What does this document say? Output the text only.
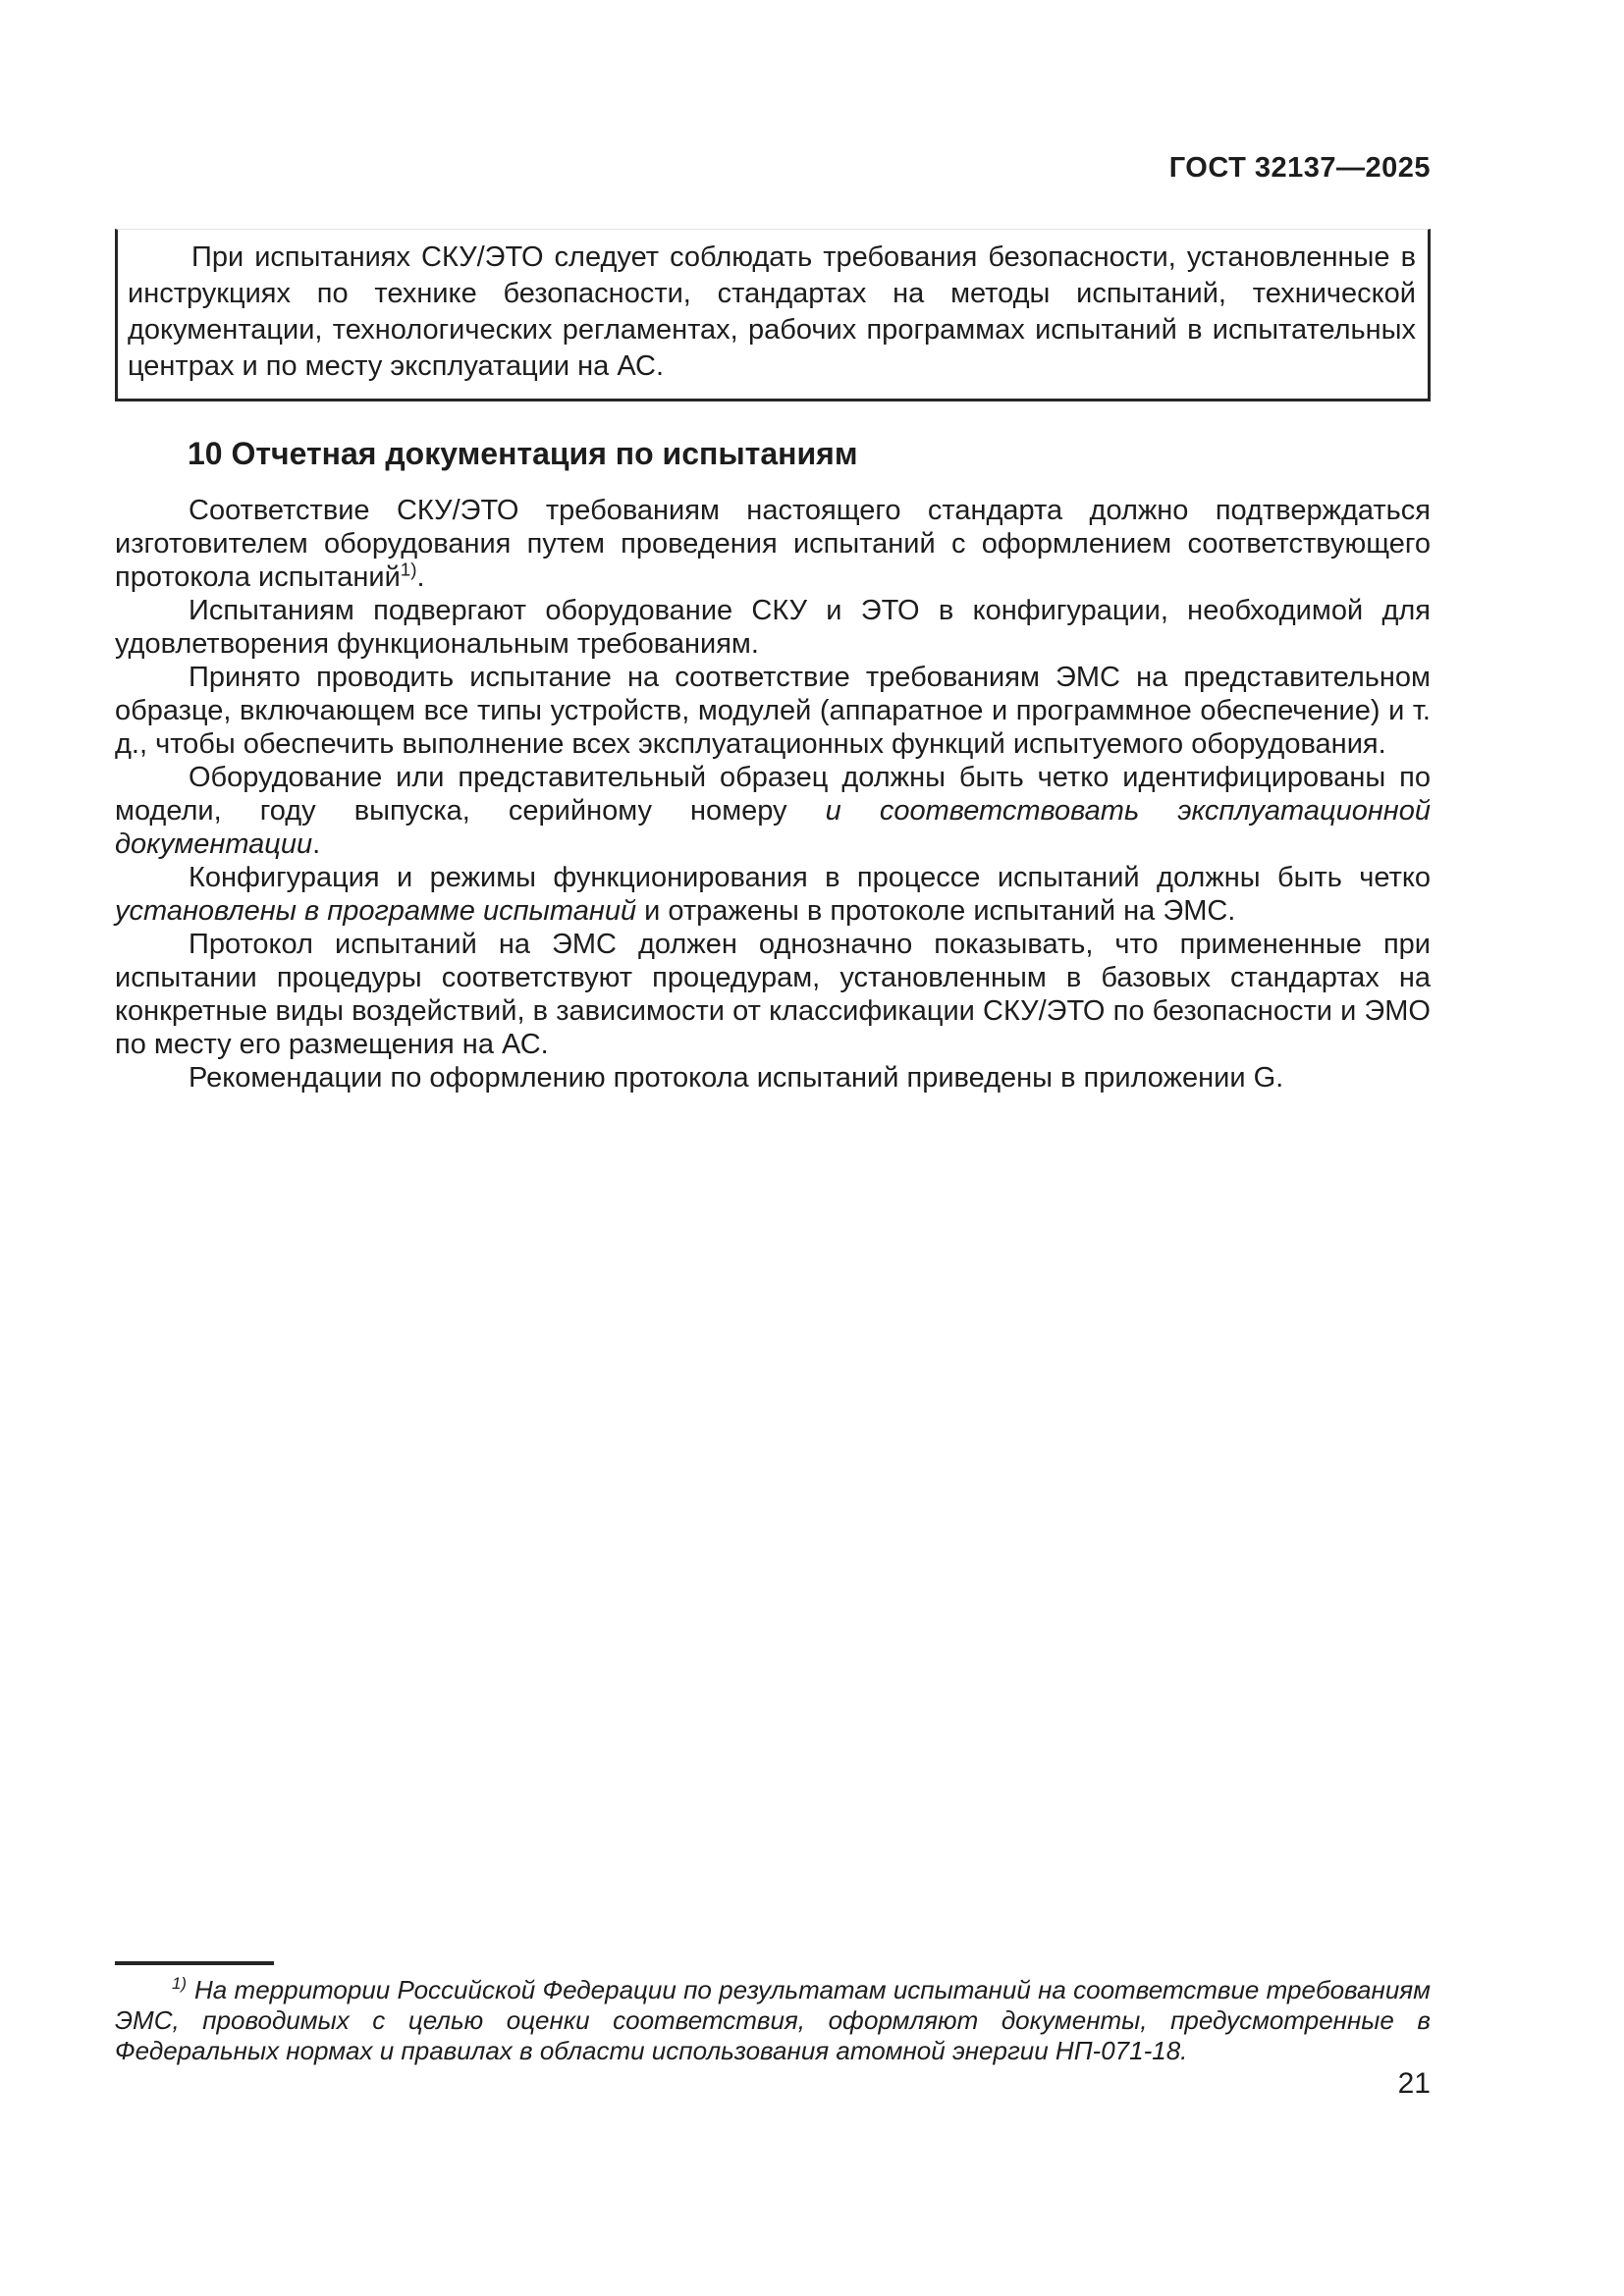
ГОСТ 32137—2025

При испытаниях СКУ/ЭТО следует соблюдать требования безопасности, установленные в инструкциях по технике безопасности, стандартах на методы испытаний, технической документации, технологических регламентах, рабочих программах испытаний в испытательных центрах и по месту эксплуатации на АС.

10 Отчетная документация по испытаниям

Соответствие СКУ/ЭТО требованиям настоящего стандарта должно подтверждаться изготовителем оборудования путем проведения испытаний с оформлением соответствующего протокола испытаний$^{1)}$.

Испытаниям подвергают оборудование СКУ и ЭТО в конфигурации, необходимой для удовлетворения функциональным требованиям.

Принято проводить испытание на соответствие требованиям ЭМС на представительном образце, включающем все типы устройств, модулей (аппаратное и программное обеспечение) и т. д., чтобы обеспечить выполнение всех эксплуатационных функций испытуемого оборудования.

Оборудование или представительный образец должны быть четко идентифицированы по модели, году выпуска, серийному номеру и соответствовать эксплуатационной документации.

Конфигурация и режимы функционирования в процессе испытаний должны быть четко установлены в программе испытаний и отражены в протоколе испытаний на ЭМС.

Протокол испытаний на ЭМС должен однозначно показывать, что примененные при испытании процедуры соответствуют процедурам, установленным в базовых стандартах на конкретные виды воздействий, в зависимости от классификации СКУ/ЭТО по безопасности и ЭМО по месту его размещения на АС.

Рекомендации по оформлению протокола испытаний приведены в приложении G.

$^{1)}$ На территории Российской Федерации по результатам испытаний на соответствие требованиям ЭМС, проводимых с целью оценки соответствия, оформляют документы, предусмотренные в Федеральных нормах и правилах в области использования атомной энергии НП-071-18.

21
